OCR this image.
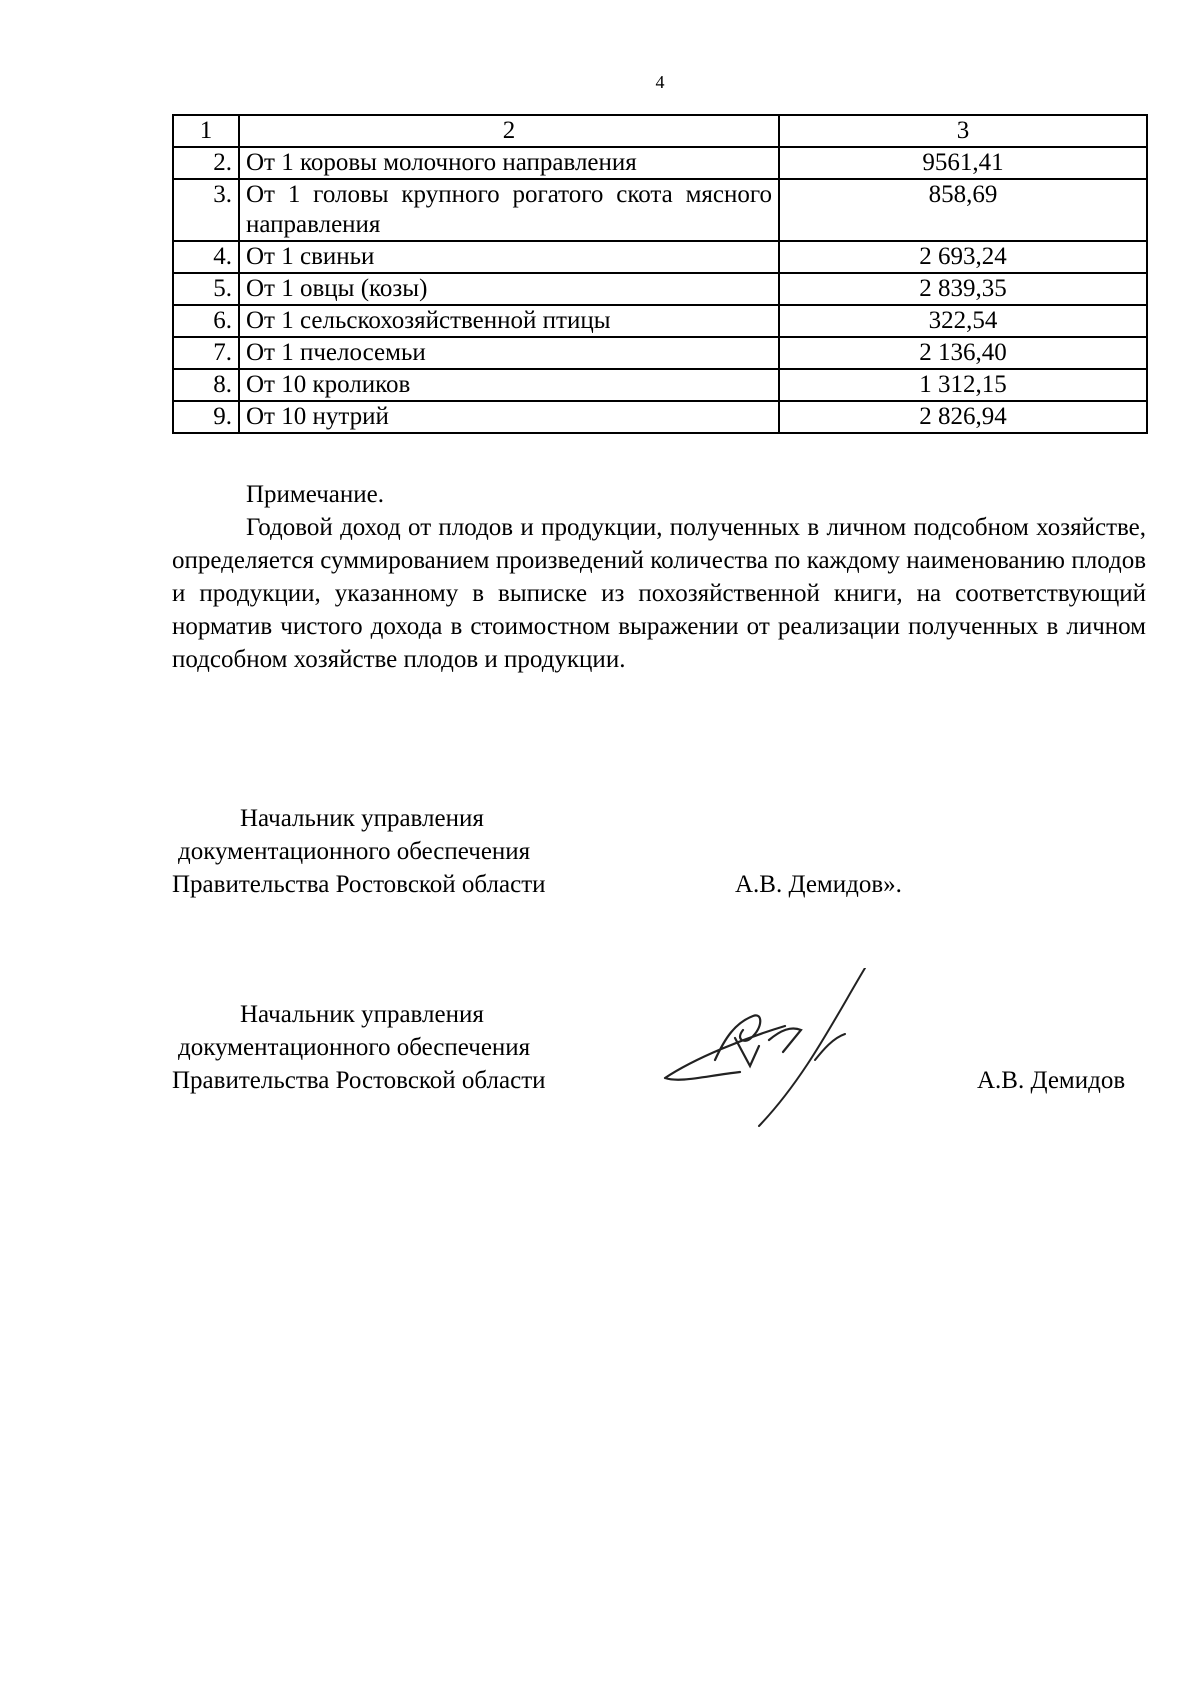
4
1	2	3
2.	От 1 коровы молочного направления	9561,41
3.	От 1 головы крупного рогатого скота мясного направления	858,69
4.	От 1 свиньи	2 693,24
5.	От 1 овцы (козы)	2 839,35
6.	От 1 сельскохозяйственной птицы	322,54
7.	От 1 пчелосемьи	2 136,40
8.	От 10 кроликов	1 312,15
9.	От 10 нутрий	2 826,94
Примечание.

Годовой доход от плодов и продукции, полученных в личном подсобном хозяйстве, определяется суммированием произведений количества по каждому наименованию плодов и продукции, указанному в выписке из похозяйственной книги, на соответствующий норматив чистого дохода в стоимостном выражении от реализации полученных в личном подсобном хозяйстве плодов и продукции.

Начальник управления
документационного обеспечения
Правительства Ростовской области	А.В. Демидов».
Начальник управления
документационного обеспечения
Правительства Ростовской области	А.В. Демидов
